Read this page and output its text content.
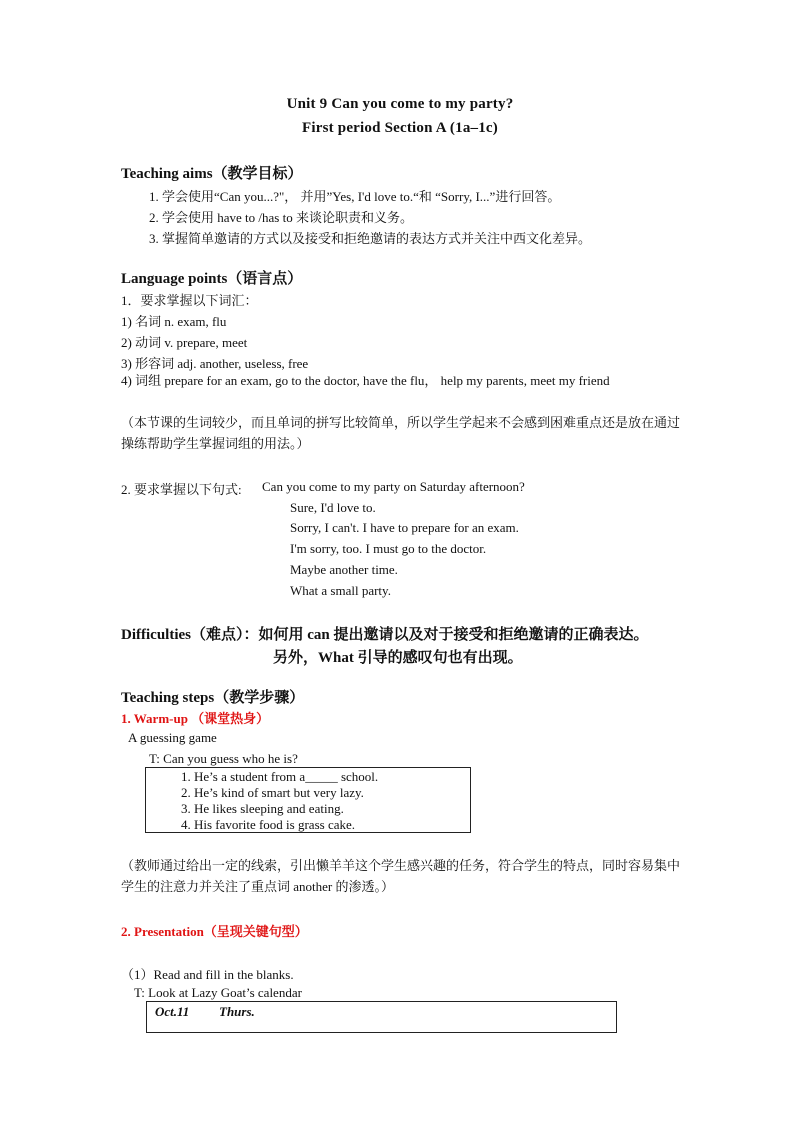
Unit 9 Can you come to my party?
First period Section A (1a–1c)
Teaching aims（教学目标）
1. 学会使用“Can you...?"， 并用”Yes, I'd love to.“和 “Sorry, I...”进行回答。
2. 学会使用 have to /has to 来谈论职责和义务。
3. 掌握简单邀请的方式以及接受和拒绝邀请的表达方式并关注中西文化差异。
Language points（语言点）
1．要求掌握以下词汇：
1) 名词 n. exam, flu
2) 动词 v. prepare, meet
3) 形容词 adj. another, useless, free
4) 词组 prepare for an exam, go to the doctor, have the flu， help my parents, meet my friend
（本节课的生词较少，而且单词的拼写比较简单，所以学生学起来不会感到困难重点还是放在通过操练帮助学生掌握词组的用法。）
2. 要求掌握以下句式: Can you come to my party on Saturday afternoon?
Sure, I'd love to.
Sorry, I can't. I have to prepare for an exam.
I'm sorry, too. I must go to the doctor.
Maybe another time.
What a small party.
Difficulties（难点）：如何用 can 提出邀请以及对于接受和拒绝邀请的正确表达。
另外，What 引导的感叹句也有出现。
Teaching steps（教学步骤）
1. Warm-up （课堂热身）
A guessing game
T: Can you guess who he is?
1. He’s a student from a_____ school.
2. He’s kind of smart but very lazy.
3. He likes sleeping and eating.
4. His favorite food is grass cake.
（教师通过给出一定的线索，引出懒羊羊这个学生感兴趣的任务，符合学生的特点，同时容易集中学生的注意力并关注了重点词 another 的渗透。）
2. Presentation（呈现关键句型）
（1）Read and fill in the blanks.
T: Look at Lazy Goat’s calendar
Oct.11 Thurs.
